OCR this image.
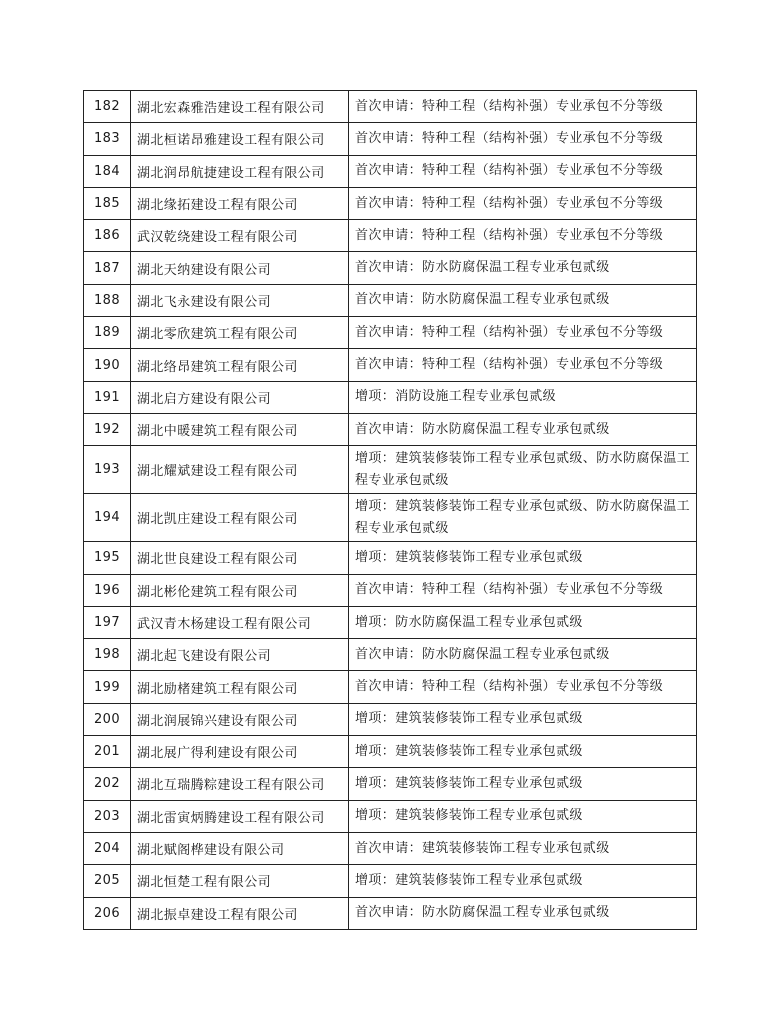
182	湖北宏森雅浩建设工程有限公司	首次申请：特种工程（结构补强）专业承包不分等级
183	湖北桓诺昂雅建设工程有限公司	首次申请：特种工程（结构补强）专业承包不分等级
184	湖北润昂航捷建设工程有限公司	首次申请：特种工程（结构补强）专业承包不分等级
185	湖北缘拓建设工程有限公司	首次申请：特种工程（结构补强）专业承包不分等级
186	武汉乾绕建设工程有限公司	首次申请：特种工程（结构补强）专业承包不分等级
187	湖北天纳建设有限公司	首次申请：防水防腐保温工程专业承包贰级
188	湖北飞永建设有限公司	首次申请：防水防腐保温工程专业承包贰级
189	湖北零欣建筑工程有限公司	首次申请：特种工程（结构补强）专业承包不分等级
190	湖北络昂建筑工程有限公司	首次申请：特种工程（结构补强）专业承包不分等级
191	湖北启方建设有限公司	增项：消防设施工程专业承包贰级
192	湖北中暖建筑工程有限公司	首次申请：防水防腐保温工程专业承包贰级
193	湖北耀斌建设工程有限公司	增项：建筑装修装饰工程专业承包贰级、防水防腐保温工程专业承包贰级
194	湖北凯庄建设工程有限公司	增项：建筑装修装饰工程专业承包贰级、防水防腐保温工程专业承包贰级
195	湖北世良建设工程有限公司	增项：建筑装修装饰工程专业承包贰级
196	湖北彬伦建筑工程有限公司	首次申请：特种工程（结构补强）专业承包不分等级
197	武汉青木杨建设工程有限公司	增项：防水防腐保温工程专业承包贰级
198	湖北起飞建设有限公司	首次申请：防水防腐保温工程专业承包贰级
199	湖北励楮建筑工程有限公司	首次申请：特种工程（结构补强）专业承包不分等级
200	湖北润展锦兴建设有限公司	增项：建筑装修装饰工程专业承包贰级
201	湖北展广得利建设有限公司	增项：建筑装修装饰工程专业承包贰级
202	湖北互瑞腾粽建设工程有限公司	增项：建筑装修装饰工程专业承包贰级
203	湖北雷寅炳腾建设工程有限公司	增项：建筑装修装饰工程专业承包贰级
204	湖北赋阁桦建设有限公司	首次申请：建筑装修装饰工程专业承包贰级
205	湖北恒楚工程有限公司	增项：建筑装修装饰工程专业承包贰级
206	湖北振卓建设工程有限公司	首次申请：防水防腐保温工程专业承包贰级
